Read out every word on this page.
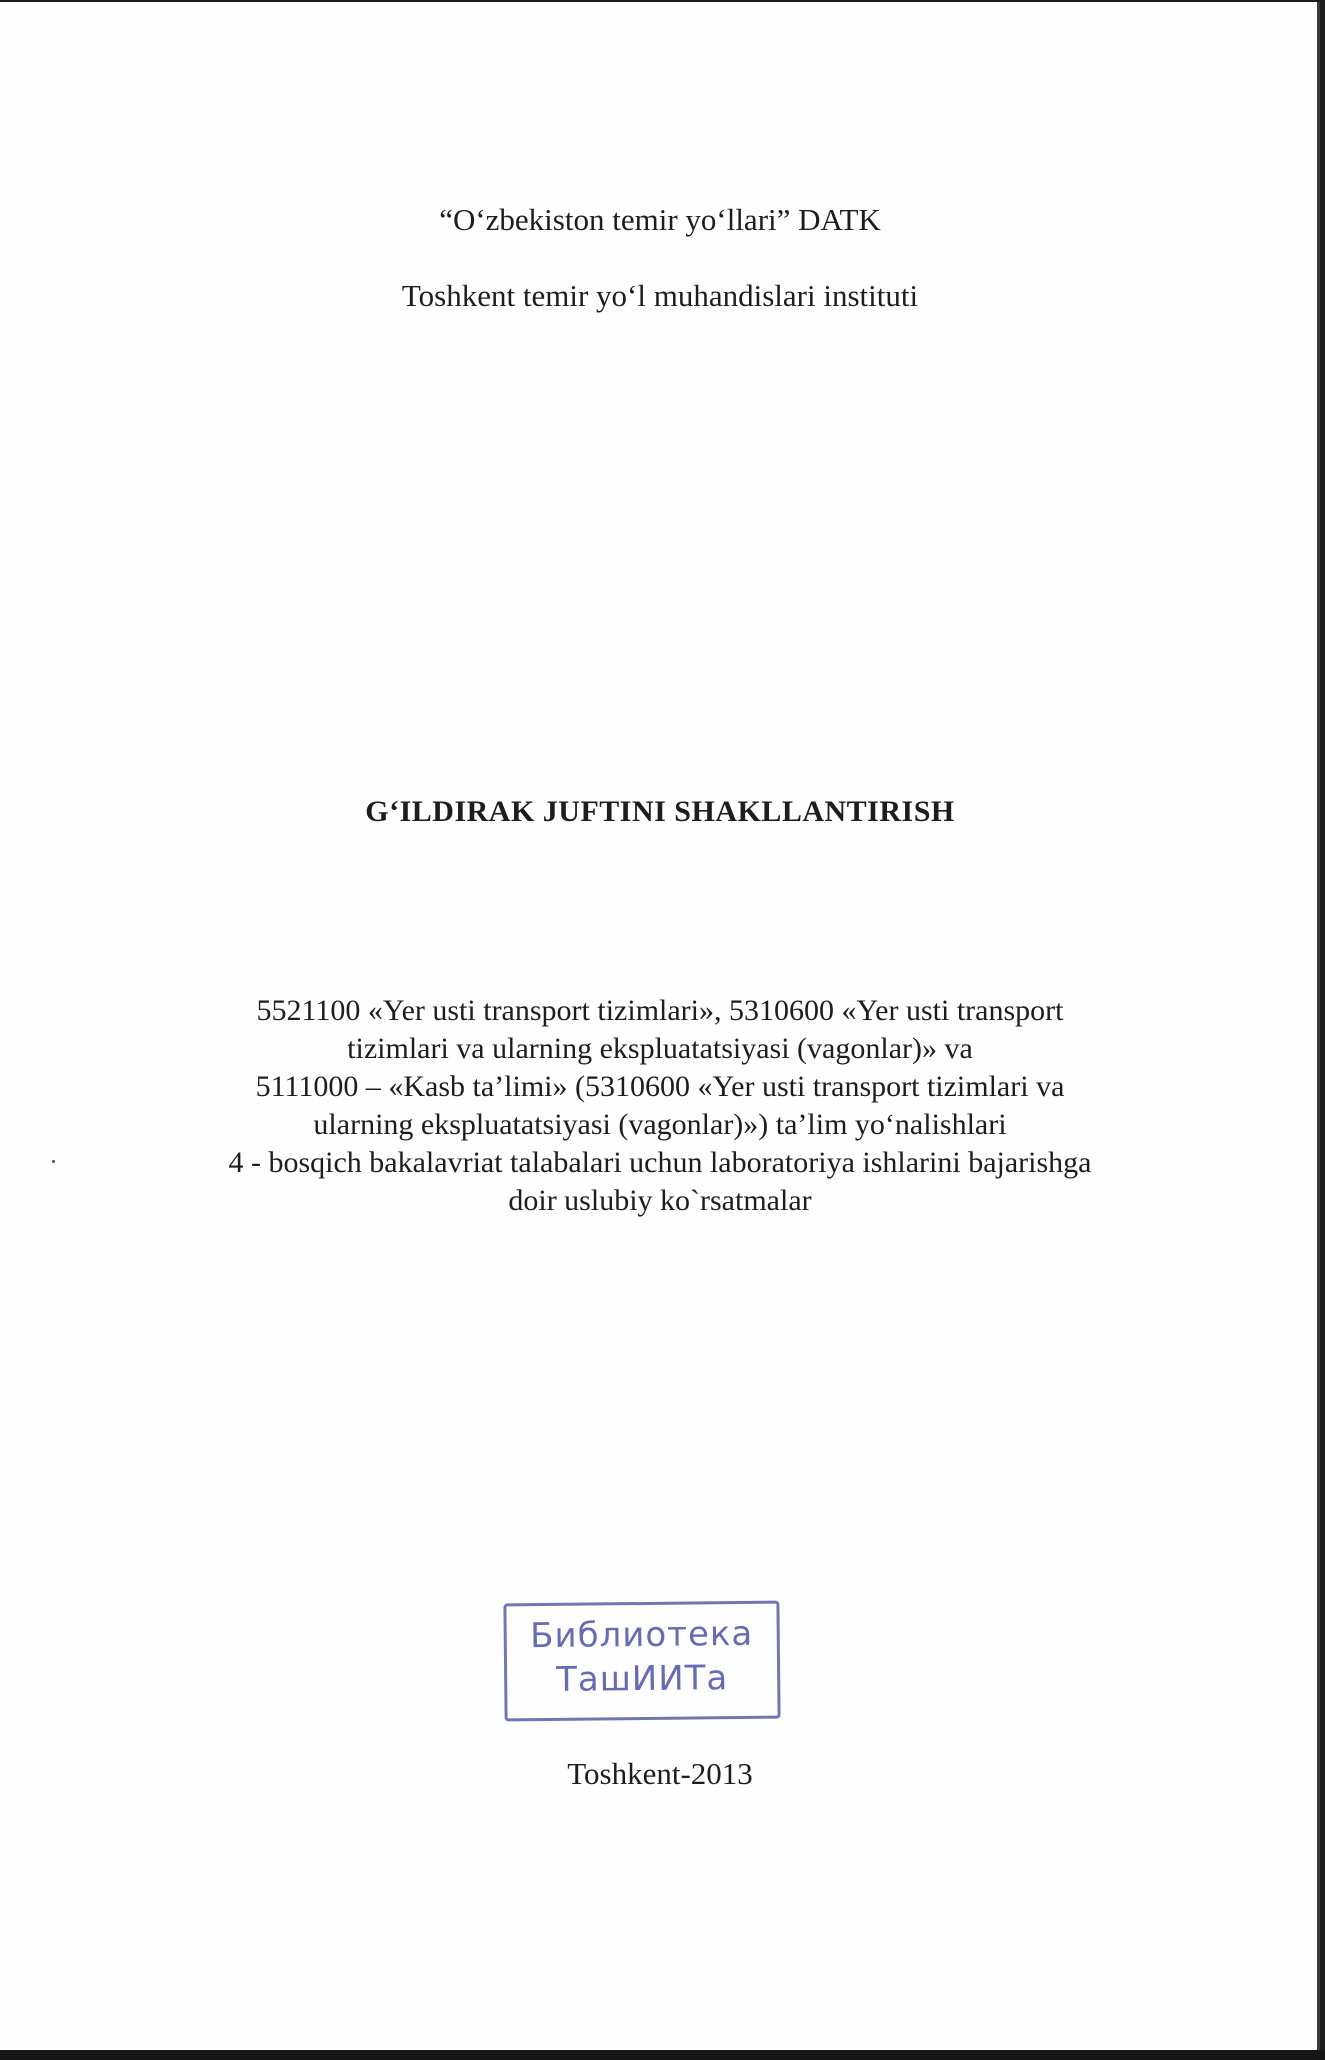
“O‘zbekiston temir yo‘llari” DATK

Toshkent temir yo‘l muhandislari instituti

G‘ILDIRAK JUFTINI SHAKLLANTIRISH

5521100 «Yer usti transport tizimlari», 5310600 «Yer usti transport
tizimlari va ularning ekspluatatsiyasi (vagonlar)» va
5111000 – «Kasb ta’limi» (5310600 «Yer usti transport tizimlari va
ularning ekspluatatsiyasi (vagonlar)») ta’lim yo‘nalishlari
4 - bosqich bakalavriat talabalari uchun laboratoriya ishlarini bajarishga
doir uslubiy ko`rsatmalar
Библиотека
ТашИИТа

Toshkent-2013
